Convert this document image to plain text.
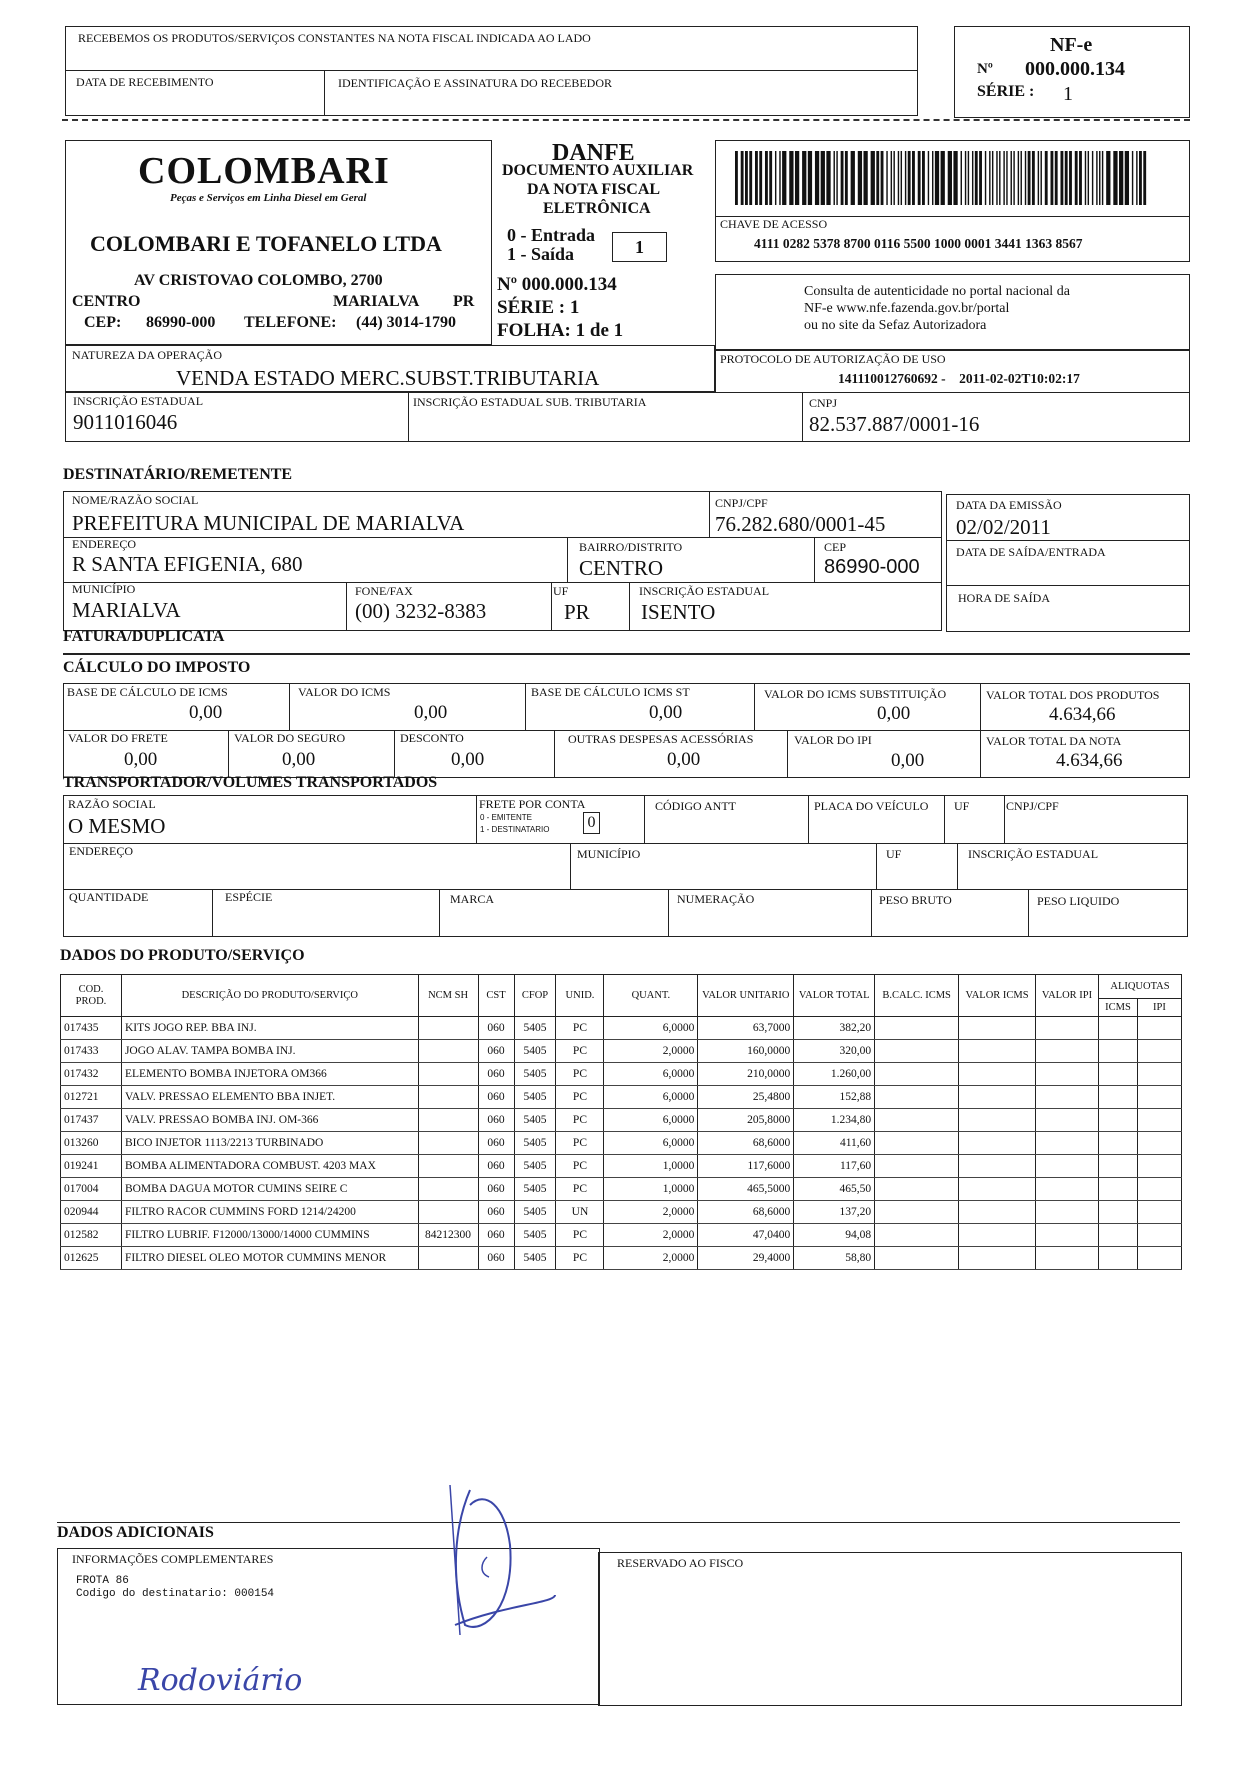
RECEBEMOS OS PRODUTOS/SERVIÇOS CONSTANTES NA NOTA FISCAL INDICADA AO LADO
DATA DE RECEBIMENTO	IDENTIFICAÇÃO E ASSINATURA DO RECEBEDOR
NF-e
Nº 000.000.134
SÉRIE : 1
COLOMBARI
Peças e Serviços em Linha Diesel em Geral
COLOMBARI E TOFANELO LTDA
AV CRISTOVAO COLOMBO, 2700
CENTRO	MARIALVA PR
CEP: 86990-000 TELEFONE: (44) 3014-1790
DANFE
DOCUMENTO AUXILIAR
DA NOTA FISCAL
ELETRÔNICA
0 - Entrada
1 - Saída	1
Nº 000.000.134
SÉRIE : 1
FOLHA: 1 de 1
CHAVE DE ACESSO
4111 0282 5378 8700 0116 5500 1000 0001 3441 1363 8567
Consulta de autenticidade no portal nacional da
NF-e www.nfe.fazenda.gov.br/portal
ou no site da Sefaz Autorizadora
NATUREZA DA OPERAÇÃO
VENDA ESTADO MERC.SUBST.TRIBUTARIA
PROTOCOLO DE AUTORIZAÇÃO DE USO
141110012760692 -    2011-02-02T10:02:17
INSCRIÇÃO ESTADUAL
9011016046
INSCRIÇÃO ESTADUAL SUB. TRIBUTARIA	CNPJ
82.537.887/0001-16
DESTINATÁRIO/REMETENTE
NOME/RAZÃO SOCIAL
PREFEITURA MUNICIPAL DE MARIALVA
CNPJ/CPF
76.282.680/0001-45
ENDEREÇO
R SANTA EFIGENIA, 680
BAIRRO/DISTRITO
CENTRO
CEP
86990-000
MUNICÍPIO
MARIALVA
FONE/FAX
(00) 3232-8383
UF
PR
INSCRIÇÃO ESTADUAL
ISENTO
DATA DA EMISSÃO
02/02/2011
DATA DE SAÍDA/ENTRADA
HORA DE SAÍDA
FATURA/DUPLICATA
CÁLCULO DO IMPOSTO
BASE DE CÁLCULO DE ICMS
0,00
VALOR DO ICMS
0,00
BASE DE CÁLCULO ICMS ST
0,00
VALOR DO ICMS SUBSTITUIÇÃO
0,00
VALOR TOTAL DOS PRODUTOS
4.634,66
VALOR DO FRETE
0,00
VALOR DO SEGURO
0,00
DESCONTO
0,00
OUTRAS DESPESAS ACESSÓRIAS
0,00
VALOR DO IPI
0,00
VALOR TOTAL DA NOTA
4.634,66
TRANSPORTADOR/VOLUMES TRANSPORTADOS
RAZÃO SOCIAL
O MESMO
FRETE POR CONTA
0 - EMITENTE
1 - DESTINATARIO 0
CÓDIGO ANTT	PLACA DO VEÍCULO UF	CNPJ/CPF
ENDEREÇO	MUNICÍPIO	UF	INSCRIÇÃO ESTADUAL
QUANTIDADE	ESPÉCIE	MARCA	NUMERAÇÃO	PESO BRUTO	PESO LIQUIDO
DADOS DO PRODUTO/SERVIÇO
COD. PROD.	DESCRIÇÃO DO PRODUTO/SERVIÇO	NCM SH	CST	CFOP	UNID.	QUANT.	VALOR UNITARIO	VALOR TOTAL	B.CALC. ICMS	VALOR ICMS	VALOR IPI	ALIQUOTAS	
												ICMS	IPI
017435	KITS JOGO REP. BBA INJ.		060	5405	PC	6,0000	63,7000	382,20					
017433	JOGO ALAV. TAMPA BOMBA INJ.		060	5405	PC	2,0000	160,0000	320,00					
017432	ELEMENTO BOMBA INJETORA OM366		060	5405	PC	6,0000	210,0000	1.260,00					
012721	VALV. PRESSAO ELEMENTO BBA INJET.		060	5405	PC	6,0000	25,4800	152,88					
017437	VALV. PRESSAO BOMBA INJ. OM-366		060	5405	PC	6,0000	205,8000	1.234,80					
013260	BICO INJETOR 1113/2213 TURBINADO		060	5405	PC	6,0000	68,6000	411,60					
019241	BOMBA ALIMENTADORA COMBUST. 4203 MAX		060	5405	PC	1,0000	117,6000	117,60					
017004	BOMBA DAGUA MOTOR CUMINS SEIRE C		060	5405	PC	1,0000	465,5000	465,50					
020944	FILTRO RACOR CUMMINS FORD 1214/24200		060	5405	UN	2,0000	68,6000	137,20					
012582	FILTRO LUBRIF. F12000/13000/14000 CUMMINS	84212300	060	5405	PC	2,0000	47,0400	94,08					
012625	FILTRO DIESEL OLEO MOTOR CUMMINS MENOR		060	5405	PC	2,0000	29,4000	58,80					
DADOS ADICIONAIS
INFORMAÇÕES COMPLEMENTARES
FROTA 86
Codigo do destinatario: 000154
Rodoviário
RESERVADO AO FISCO
